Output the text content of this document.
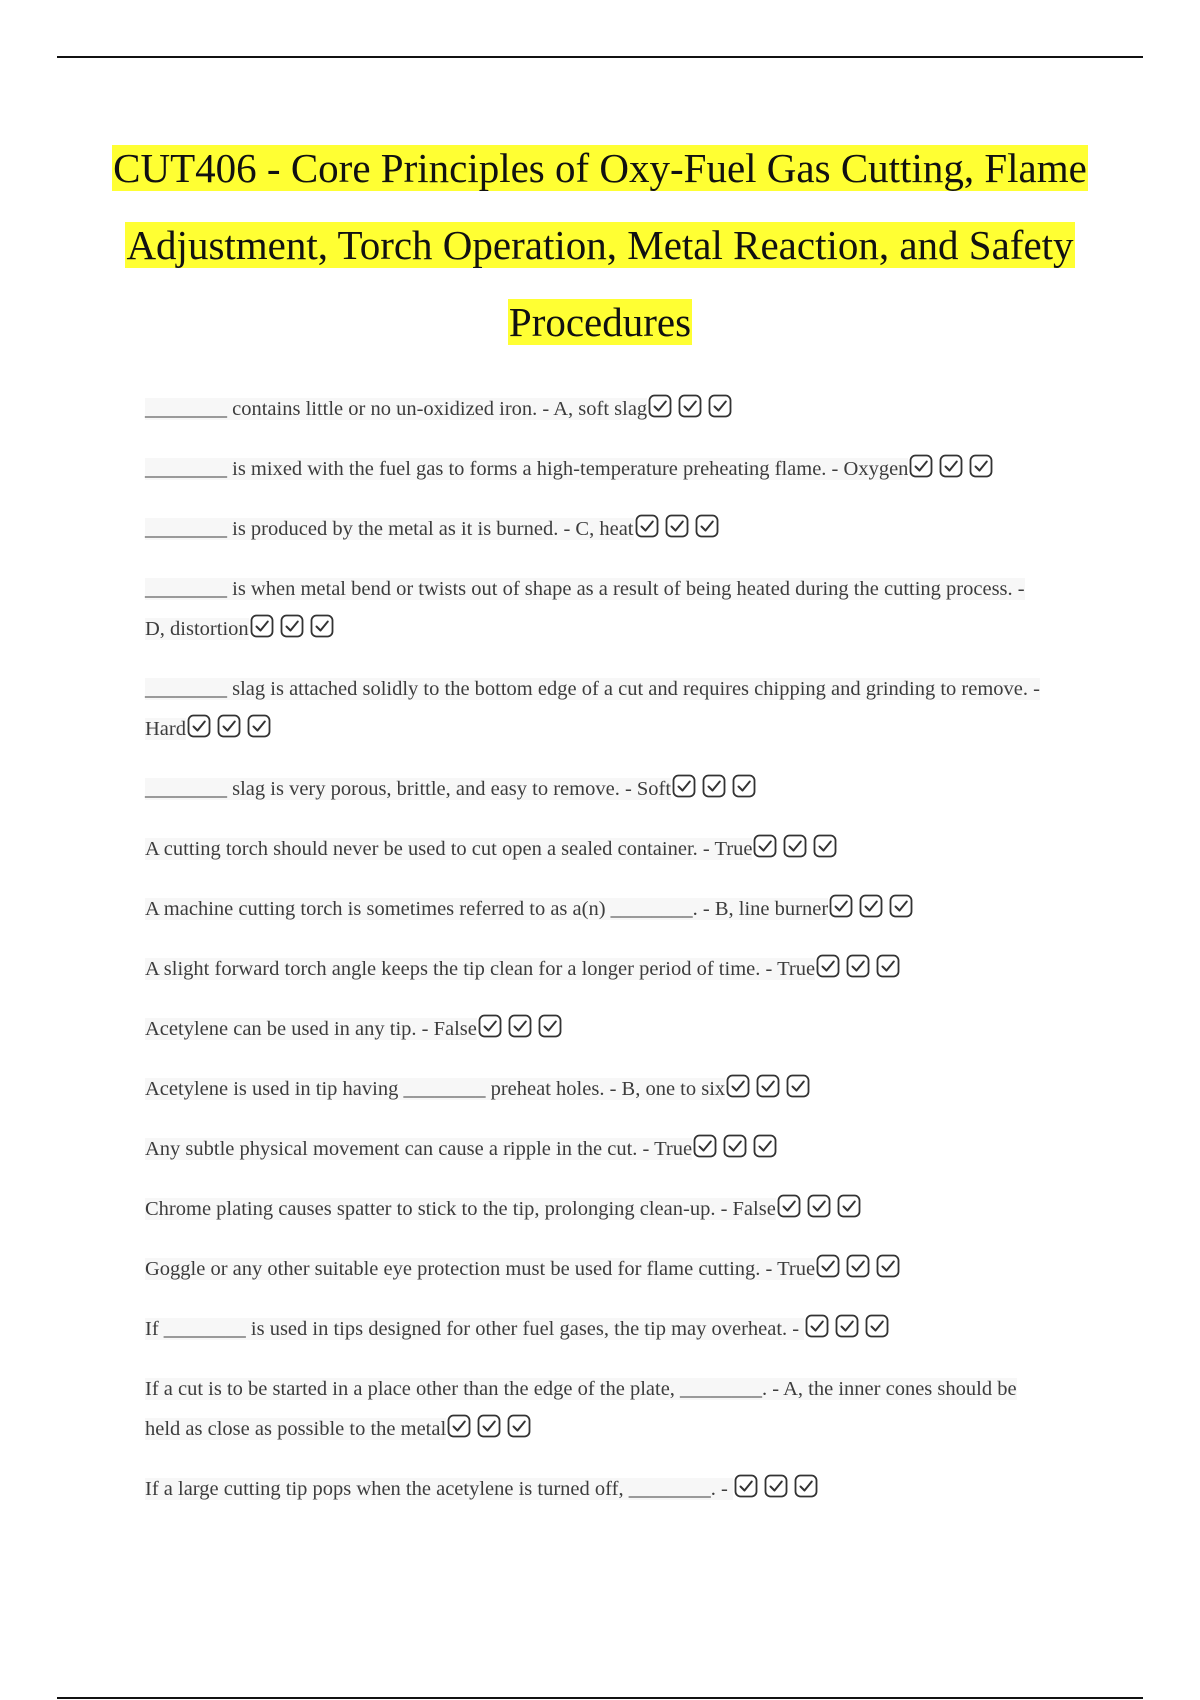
CUT406 - Core Principles of Oxy-Fuel Gas Cutting, Flame Adjustment, Torch Operation, Metal Reaction, and Safety Procedures

________ contains little or no un-oxidized iron. - A, soft slag

________ is mixed with the fuel gas to forms a high-temperature preheating flame. - Oxygen

________ is produced by the metal as it is burned. - C, heat

________ is when metal bend or twists out of shape as a result of being heated during the cutting process. - D, distortion

________ slag is attached solidly to the bottom edge of a cut and requires chipping and grinding to remove. - Hard

________ slag is very porous, brittle, and easy to remove. - Soft

A cutting torch should never be used to cut open a sealed container. - True

A machine cutting torch is sometimes referred to as a(n) ________. - B, line burner

A slight forward torch angle keeps the tip clean for a longer period of time. - True

Acetylene can be used in any tip. - False

Acetylene is used in tip having ________ preheat holes. - B, one to six

Any subtle physical movement can cause a ripple in the cut. - True

Chrome plating causes spatter to stick to the tip, prolonging clean-up. - False

Goggle or any other suitable eye protection must be used for flame cutting. - True

If ________ is used in tips designed for other fuel gases, the tip may overheat. -

If a cut is to be started in a place other than the edge of the plate, ________. - A, the inner cones should be held as close as possible to the metal

If a large cutting tip pops when the acetylene is turned off, ________. -
